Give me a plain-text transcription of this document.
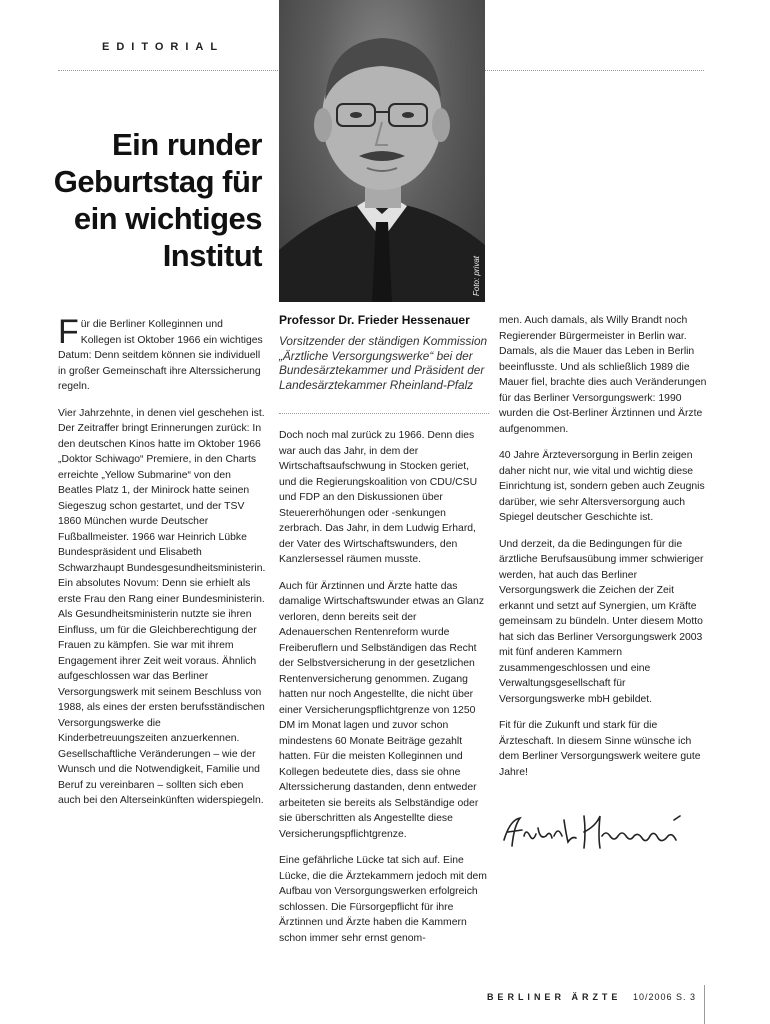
EDITORIAL
Ein runder
Geburtstag für
ein wichtiges
Institut
Foto: privat
Professor Dr. Frieder Hessenauer
Vorsitzender der ständigen Kommission „Ärztliche Versorgungswerke“ bei der Bundesärztekammer und Präsident der Landesärztekammer Rheinland-Pfalz

Für die Berliner Kolleginnen und Kollegen ist Oktober 1966 ein wichtiges Datum: Denn seitdem können sie individuell in großer Gemeinschaft ihre Alterssicherung regeln.

Vier Jahrzehnte, in denen viel geschehen ist. Der Zeitraffer bringt Erinnerungen zurück: In den deutschen Kinos hatte im Oktober 1966 „Doktor Schiwago“ Premiere, in den Charts erreichte „Yellow Submarine“ von den Beatles Platz 1, der Minirock hatte seinen Siegeszug schon gestartet, und der TSV 1860 München wurde Deutscher Fußballmeister. 1966 war Heinrich Lübke Bundespräsident und Elisabeth Schwarzhaupt Bundesgesundheitsministerin. Ein absolutes Novum: Denn sie erhielt als erste Frau den Rang einer Bundesministerin. Als Gesundheitsministerin nutzte sie ihren Einfluss, um für die Gleichberechtigung der Frauen zu kämpfen. Sie war mit ihrem Engagement ihrer Zeit weit voraus. Ähnlich aufgeschlossen war das Berliner Versorgungswerk mit seinem Beschluss von 1988, als eines der ersten berufsständischen Versorgungswerke die Kinderbetreuungszeiten anzuerkennen. Gesellschaftliche Veränderungen – wie der Wunsch und die Notwendigkeit, Familie und Beruf zu vereinbaren – sollten sich eben auch bei den Alterseinkünften widerspiegeln.

Doch noch mal zurück zu 1966. Denn dies war auch das Jahr, in dem der Wirtschaftsaufschwung in Stocken geriet, und die Regierungskoalition von CDU/CSU und FDP an den Diskussionen über Steuererhöhungen oder -senkungen zerbrach. Das Jahr, in dem Ludwig Erhard, der Vater des Wirtschaftswunders, den Kanzlersessel räumen musste.

Auch für Ärztinnen und Ärzte hatte das damalige Wirtschaftswunder etwas an Glanz verloren, denn bereits seit der Adenauerschen Rentenreform wurde Freiberuflern und Selbständigen das Recht der Selbstversicherung in der gesetzlichen Rentenversicherung genommen. Zugang hatten nur noch Angestellte, die nicht über einer Versicherungspflichtgrenze von 1250 DM im Monat lagen und zuvor schon mindestens 60 Monate Beiträge gezahlt hatten. Für die meisten Kolleginnen und Kollegen bedeutete dies, dass sie ohne Alterssicherung dastanden, denn entweder arbeiteten sie bereits als Selbständige oder sie überschritten als Angestellte diese Versicherungspflichtgrenze.

Eine gefährliche Lücke tat sich auf. Eine Lücke, die die Ärztekammern jedoch mit dem Aufbau von Versorgungswerken erfolgreich schlossen. Die Fürsorgepflicht für ihre Ärztinnen und Ärzte haben die Kammern schon immer sehr ernst genom-

men. Auch damals, als Willy Brandt noch Regierender Bürgermeister in Berlin war. Damals, als die Mauer das Leben in Berlin beeinflusste. Und als schließlich 1989 die Mauer fiel, brachte dies auch Veränderungen für das Berliner Versorgungswerk: 1990 wurden die Ost-Berliner Ärztinnen und Ärzte aufgenommen.

40 Jahre Ärzteversorgung in Berlin zeigen daher nicht nur, wie vital und wichtig diese Einrichtung ist, sondern geben auch Zeugnis darüber, wie sehr Altersversorgung auch Spiegel deutscher Geschichte ist.

Und derzeit, da die Bedingungen für die ärztliche Berufsausübung immer schwieriger werden, hat auch das Berliner Versorgungswerk die Zeichen der Zeit erkannt und setzt auf Synergien, um Kräfte gemeinsam zu bündeln. Unter diesem Motto hat sich das Berliner Versorgungswerk 2003 mit fünf anderen Kammern zusammengeschlossen und eine Verwaltungsgesellschaft für Versorgungswerke mbH gebildet.

Fit für die Zukunft und stark für die Ärzteschaft. In diesem Sinne wünsche ich dem Berliner Versorgungswerk weitere gute Jahre!

BERLINER ÄRZTE 10/2006 S. 3
